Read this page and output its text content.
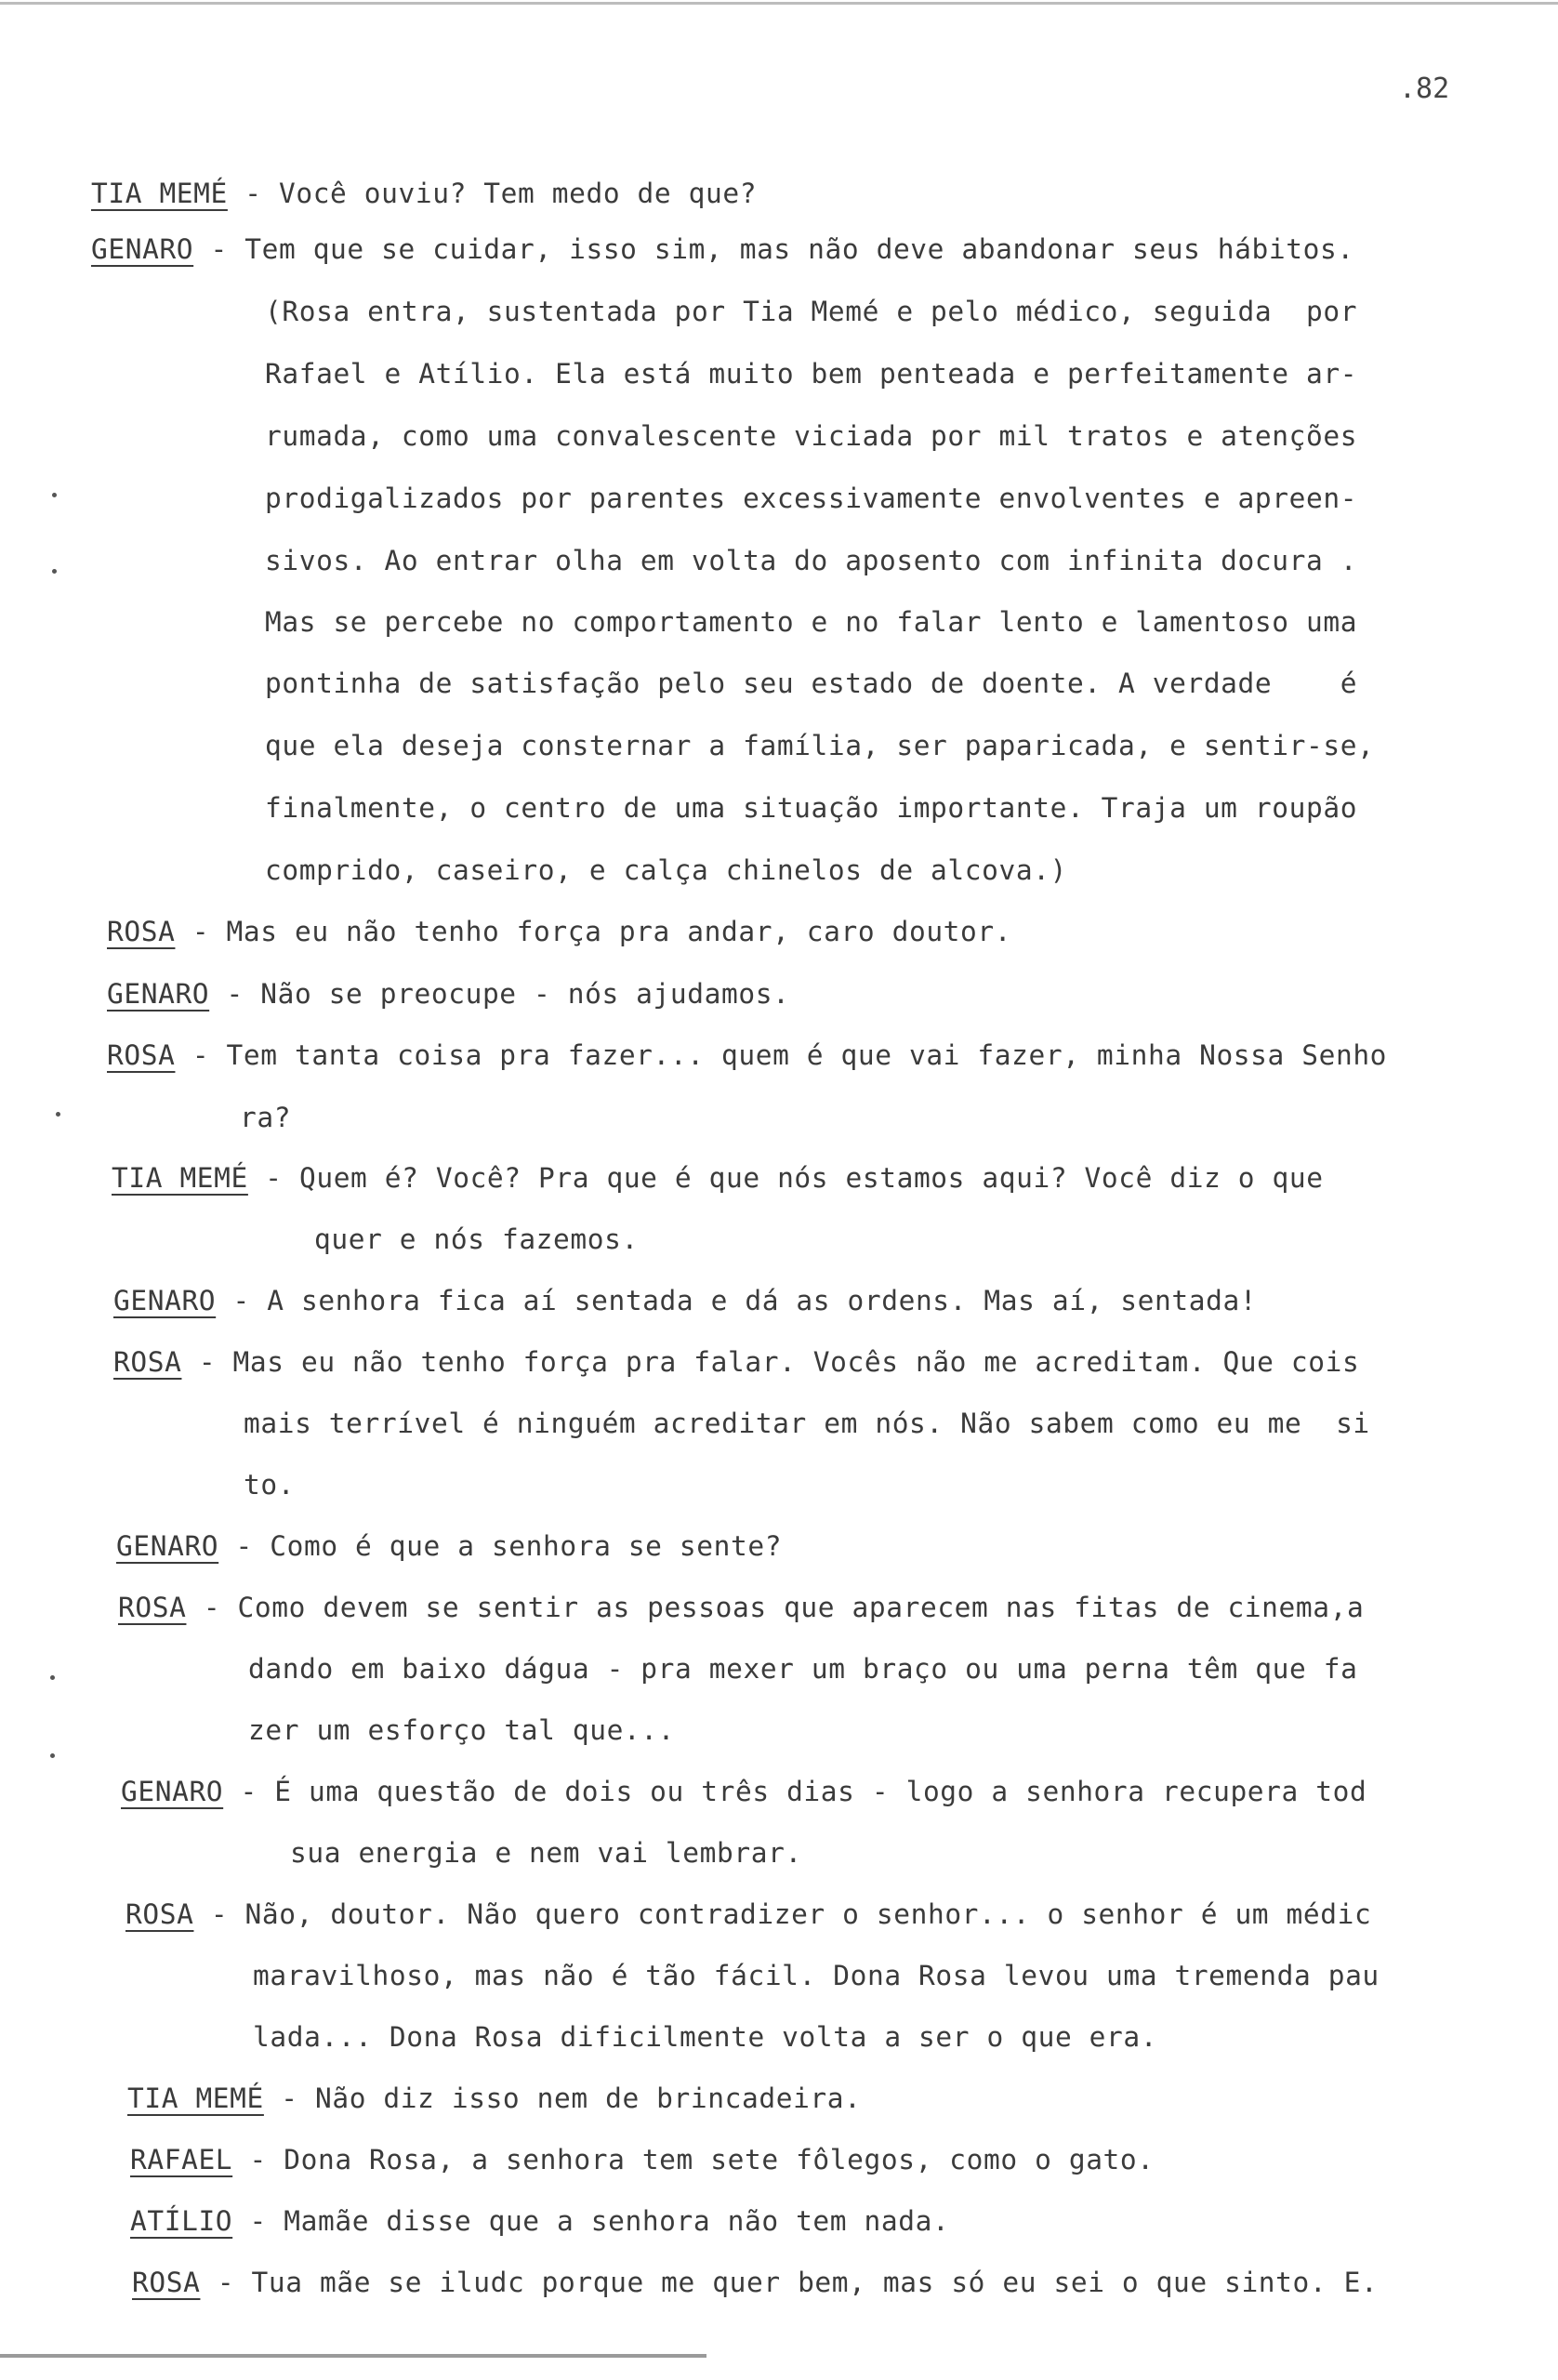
.82
TIA MEMÉ - Você ouviu? Tem medo de que?
GENARO - Tem que se cuidar, isso sim, mas não deve abandonar seus hábitos.
(Rosa entra, sustentada por Tia Memé e pelo médico, seguida  por
Rafael e Atílio. Ela está muito bem penteada e perfeitamente ar-
rumada, como uma convalescente viciada por mil tratos e atenções
prodigalizados por parentes excessivamente envolventes e apreen-
sivos. Ao entrar olha em volta do aposento com infinita docura .
Mas se percebe no comportamento e no falar lento e lamentoso uma
pontinha de satisfação pelo seu estado de doente. A verdade    é
que ela deseja consternar a família, ser paparicada, e sentir-se,
finalmente, o centro de uma situação importante. Traja um roupão
comprido, caseiro, e calça chinelos de alcova.)
ROSA - Mas eu não tenho força pra andar, caro doutor.
GENARO - Não se preocupe - nós ajudamos.
ROSA - Tem tanta coisa pra fazer... quem é que vai fazer, minha Nossa Senho
ra?
TIA MEMÉ - Quem é? Você? Pra que é que nós estamos aqui? Você diz o que
quer e nós fazemos.
GENARO - A senhora fica aí sentada e dá as ordens. Mas aí, sentada!
ROSA - Mas eu não tenho força pra falar. Vocês não me acreditam. Que cois
mais terrível é ninguém acreditar em nós. Não sabem como eu me  si
to.
GENARO - Como é que a senhora se sente?
ROSA - Como devem se sentir as pessoas que aparecem nas fitas de cinema,a
dando em baixo dágua - pra mexer um braço ou uma perna têm que fa
zer um esforço tal que...
GENARO - É uma questão de dois ou três dias - logo a senhora recupera tod
sua energia e nem vai lembrar.
ROSA - Não, doutor. Não quero contradizer o senhor... o senhor é um médic
maravilhoso, mas não é tão fácil. Dona Rosa levou uma tremenda pau
lada... Dona Rosa dificilmente volta a ser o que era.
TIA MEMÉ - Não diz isso nem de brincadeira.
RAFAEL - Dona Rosa, a senhora tem sete fôlegos, como o gato.
ATÍLIO - Mamãe disse que a senhora não tem nada.
ROSA - Tua mãe se iludc porque me quer bem, mas só eu sei o que sinto. E.
